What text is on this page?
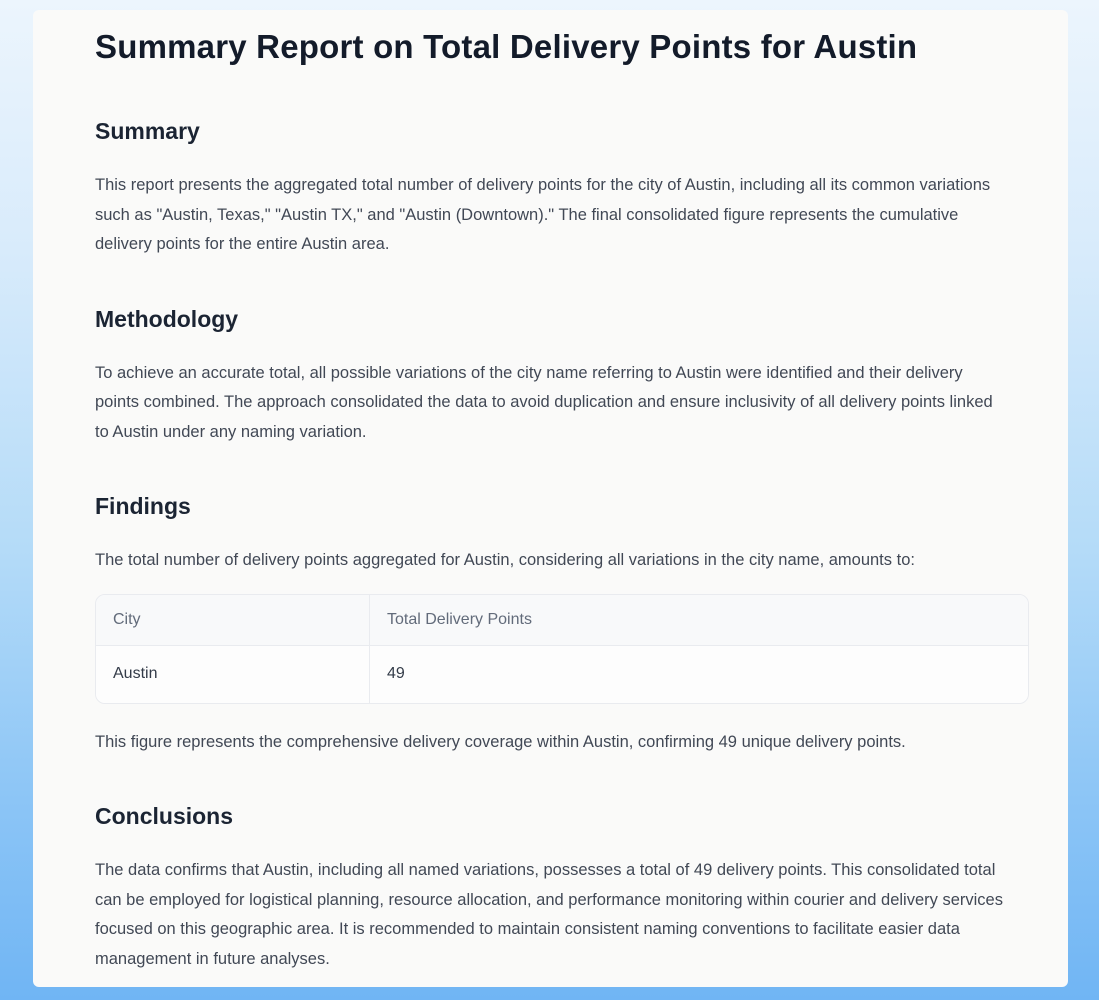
Summary Report on Total Delivery Points for Austin
Summary

This report presents the aggregated total number of delivery points for the city of Austin, including all its common variations such as "Austin, Texas," "Austin TX," and "Austin (Downtown)." The final consolidated figure represents the cumulative delivery points for the entire Austin area.

Methodology

To achieve an accurate total, all possible variations of the city name referring to Austin were identified and their delivery points combined. The approach consolidated the data to avoid duplication and ensure inclusivity of all delivery points linked to Austin under any naming variation.

Findings

The total number of delivery points aggregated for Austin, considering all variations in the city name, amounts to:

City	Total Delivery Points
Austin	49

This figure represents the comprehensive delivery coverage within Austin, confirming 49 unique delivery points.

Conclusions

The data confirms that Austin, including all named variations, possesses a total of 49 delivery points. This consolidated total can be employed for logistical planning, resource allocation, and performance monitoring within courier and delivery services focused on this geographic area. It is recommended to maintain consistent naming conventions to facilitate easier data management in future analyses.
